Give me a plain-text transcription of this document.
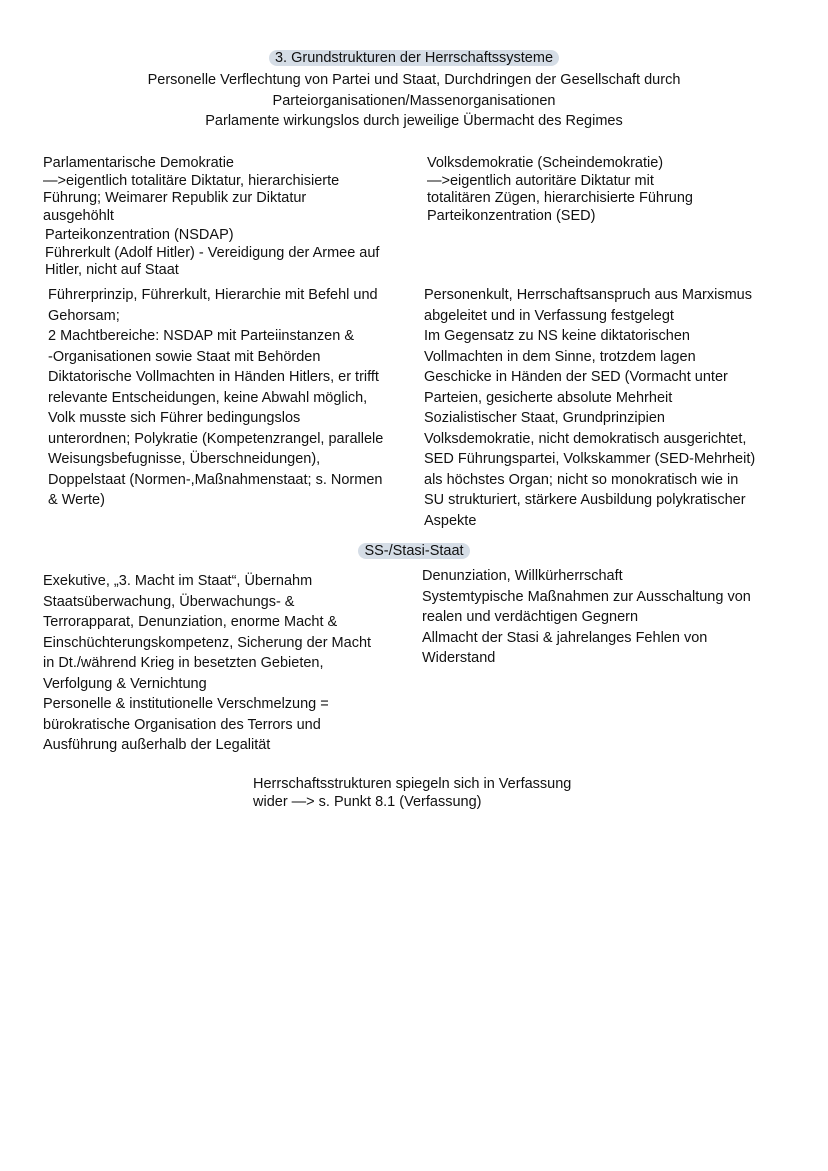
3. Grundstrukturen der Herrschaftssysteme
Personelle Verflechtung von Partei und Staat, Durchdringen der Gesellschaft durch
Parteiorganisationen/Massenorganisationen
Parlamente wirkungslos durch jeweilige Übermacht des Regimes
Parlamentarische Demokratie
—>eigentlich totalitäre Diktatur, hierarchisierte
Führung; Weimarer Republik zur Diktatur
ausgehöhlt
Parteikonzentration (NSDAP)
Führerkult (Adolf Hitler) - Vereidigung der Armee auf
Hitler, nicht auf Staat
Volksdemokratie (Scheindemokratie)
—>eigentlich autoritäre Diktatur mit
totalitären Zügen, hierarchisierte Führung
Parteikonzentration (SED)
Führerprinzip, Führerkult, Hierarchie mit Befehl und
Gehorsam;
2 Machtbereiche: NSDAP mit Parteiinstanzen &
-Organisationen sowie Staat mit Behörden
Diktatorische Vollmachten in Händen Hitlers, er trifft
relevante Entscheidungen, keine Abwahl möglich,
Volk musste sich Führer bedingungslos
unterordnen; Polykratie (Kompetenzrangel, parallele
Weisungsbefugnisse, Überschneidungen),
Doppelstaat (Normen-,Maßnahmenstaat; s. Normen
& Werte)
Personenkult, Herrschaftsanspruch aus Marxismus
abgeleitet und in Verfassung festgelegt
Im Gegensatz zu NS keine diktatorischen
Vollmachten in dem Sinne, trotzdem lagen
Geschicke in Händen der SED (Vormacht unter
Parteien, gesicherte absolute Mehrheit
Sozialistischer Staat, Grundprinzipien
Volksdemokratie, nicht demokratisch ausgerichtet,
SED Führungspartei, Volkskammer (SED-Mehrheit)
als höchstes Organ; nicht so monokratisch wie in
SU strukturiert, stärkere Ausbildung polykratischer
Aspekte
SS-/Stasi-Staat
Exekutive, „3. Macht im Staat“, Übernahm
Staatsüberwachung, Überwachungs- &
Terrorapparat, Denunziation, enorme Macht &
Einschüchterungskompetenz, Sicherung der Macht
in Dt./während Krieg in besetzten Gebieten,
Verfolgung & Vernichtung
Personelle & institutionelle Verschmelzung =
bürokratische Organisation des Terrors und
Ausführung außerhalb der Legalität
Denunziation, Willkürherrschaft
Systemtypische Maßnahmen zur Ausschaltung von
realen und verdächtigen Gegnern
Allmacht der Stasi & jahrelanges Fehlen von
Widerstand
Herrschaftsstrukturen spiegeln sich in Verfassung
wider —> s. Punkt 8.1 (Verfassung)
